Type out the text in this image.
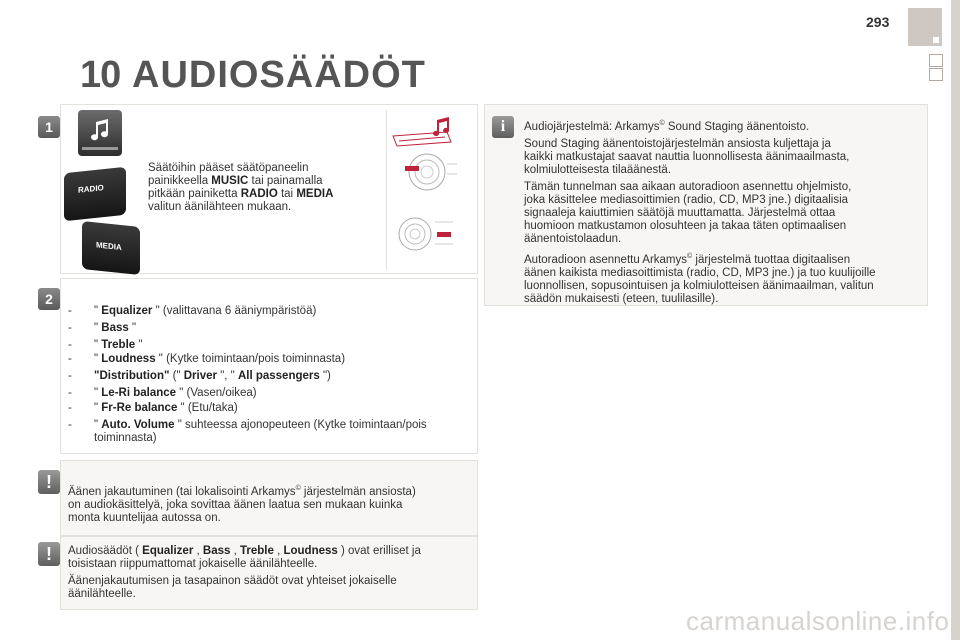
293
10 AUDIOSÄÄDÖT
1
RADIO
MEDIA
Säätöihin pääset säätöpaneelin
painikkeella MUSIC tai painamalla
pitkään painiketta RADIO tai MEDIA
valitun äänilähteen mukaan.
2
- " Equalizer " (valittavana 6 ääniympäristöä)
- " Bass "
- " Treble "
- " Loudness " (Kytke toimintaan/pois toiminnasta)
- "Distribution" (" Driver ", " All passengers ")
- " Le-Ri balance " (Vasen/oikea)
- " Fr-Re balance " (Etu/taka)
- " Auto. Volume " suhteessa ajonopeuteen (Kytke toimintaan/pois
toiminnasta)
!	Äänen jakautuminen (tai lokalisointi Arkamys© järjestelmän ansiosta)
on audiokäsittelyä, joka sovittaa äänen laatua sen mukaan kuinka
monta kuuntelijaa autossa on.
!	Audiosäädöt ( Equalizer , Bass , Treble , Loudness ) ovat erilliset ja
toisistaan riippumattomat jokaiselle äänilähteelle.
Äänenjakautumisen ja tasapainon säädöt ovat yhteiset jokaiselle
äänilähteelle.
i	Audiojärjestelmä: Arkamys© Sound Staging äänentoisto.
Sound Staging äänentoistojärjestelmän ansiosta kuljettaja ja
kaikki matkustajat saavat nauttia luonnollisesta äänimaailmasta,
kolmiulotteisesta tilaäänestä.
Tämän tunnelman saa aikaan autoradioon asennettu ohjelmisto,
joka käsittelee mediasoittimien (radio, CD, MP3 jne.) digitaalisia
signaaleja kaiuttimien säätöjä muuttamatta. Järjestelmä ottaa
huomioon matkustamon olosuhteen ja takaa täten optimaalisen
äänentoistolaadun.
Autoradioon asennettu Arkamys© järjestelmä tuottaa digitaalisen
äänen kaikista mediasoittimista (radio, CD, MP3 jne.) ja tuo kuulijoille
luonnollisen, sopusointuisen ja kolmiulotteisen äänimaailman, valitun
säädön mukaisesti (eteen, tuulilasille).
carmanualsonline.info
